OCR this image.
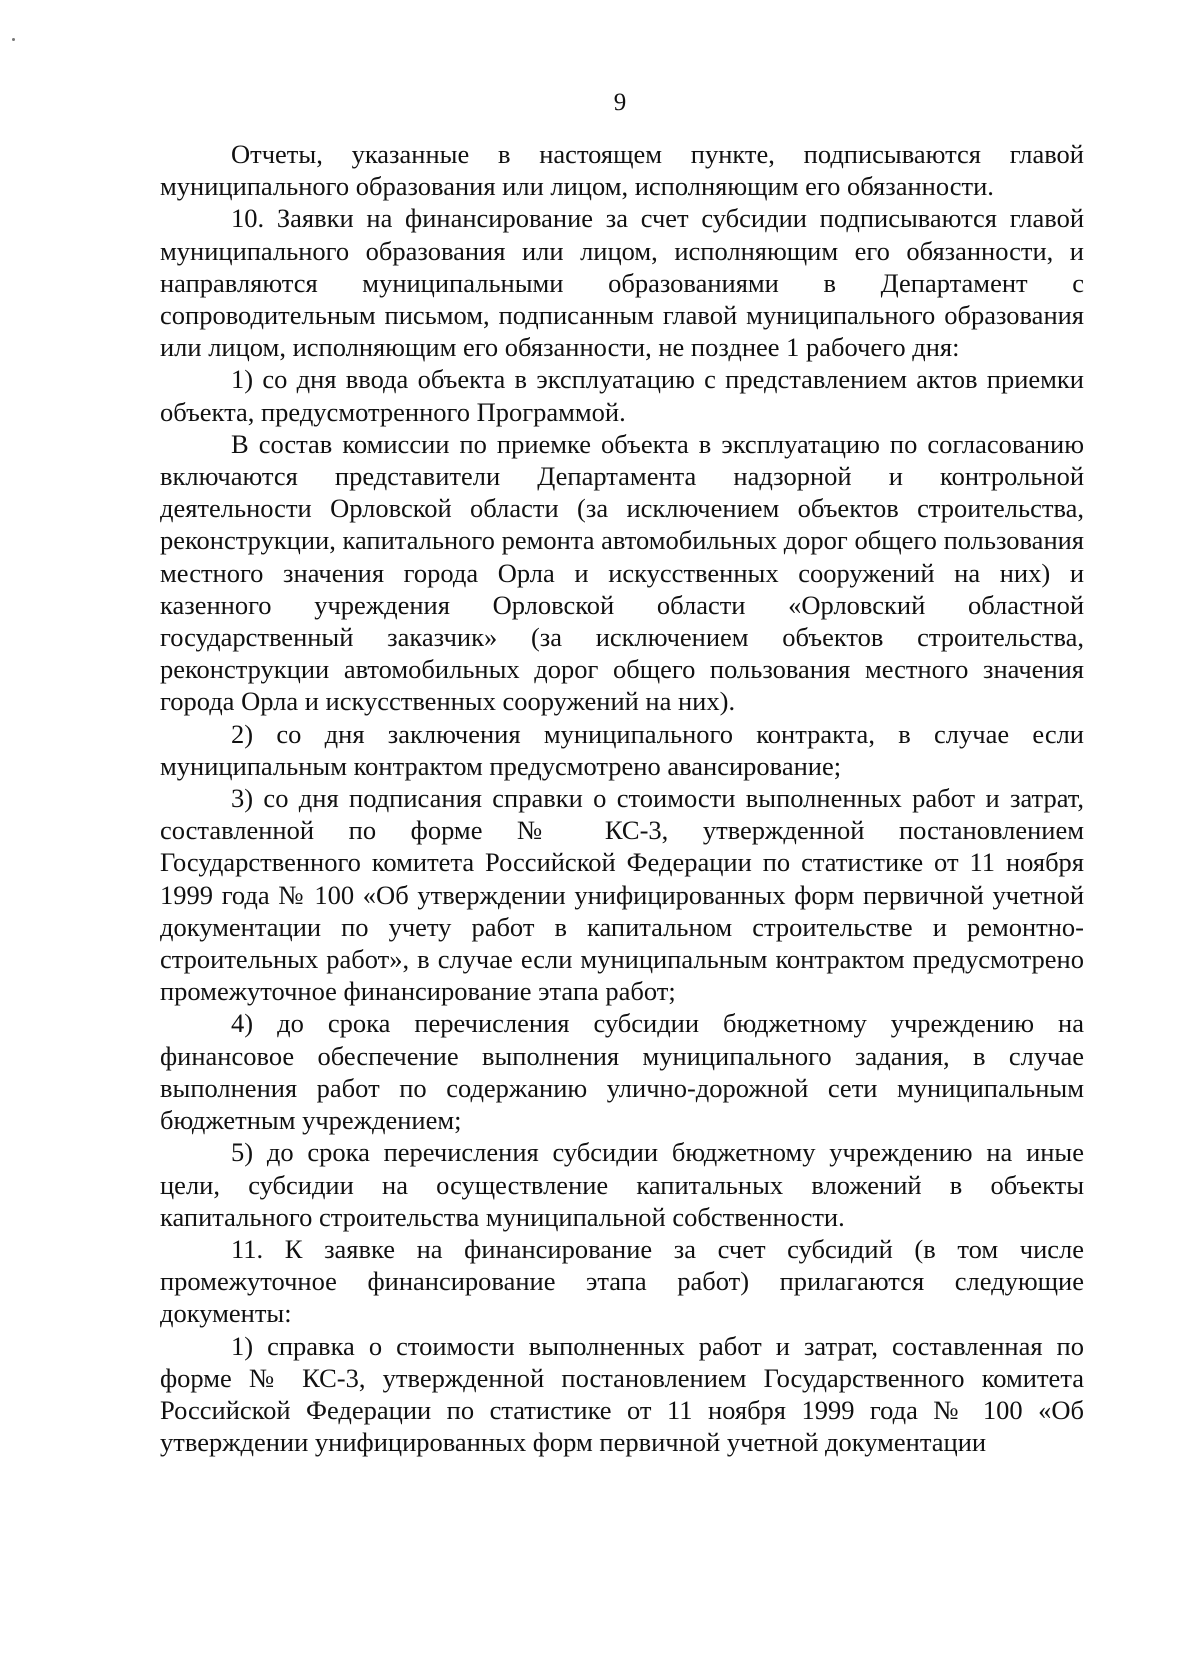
9

Отчеты, указанные в настоящем пункте, подписываются главой муниципального образования или лицом, исполняющим его обязанности.

10. Заявки на финансирование за счет субсидии подписываются главой муниципального образования или лицом, исполняющим его обязанности, и направляются муниципальными образованиями в Департамент с сопроводительным письмом, подписанным главой муниципального образования или лицом, исполняющим его обязанности, не позднее 1 рабочего дня:

1) со дня ввода объекта в эксплуатацию с представлением актов приемки объекта, предусмотренного Программой.

В состав комиссии по приемке объекта в эксплуатацию по согласованию включаются представители Департамента надзорной и контрольной деятельности Орловской области (за исключением объектов строительства, реконструкции, капитального ремонта автомобильных дорог общего пользования местного значения города Орла и искусственных сооружений на них) и казенного учреждения Орловской области «Орловский областной государственный заказчик» (за исключением объектов строительства, реконструкции автомобильных дорог общего пользования местного значения города Орла и искусственных сооружений на них).

2) со дня заключения муниципального контракта, в случае если муниципальным контрактом предусмотрено авансирование;

3) со дня подписания справки о стоимости выполненных работ и затрат, составленной по форме № КС-3, утвержденной постановлением Государственного комитета Российской Федерации по статистике от 11 ноября 1999 года № 100 «Об утверждении унифицированных форм первичной учетной документации по учету работ в капитальном строительстве и ремонтно-строительных работ», в случае если муниципальным контрактом предусмотрено промежуточное финансирование этапа работ;

4) до срока перечисления субсидии бюджетному учреждению на финансовое обеспечение выполнения муниципального задания, в случае выполнения работ по содержанию улично-дорожной сети муниципальным бюджетным учреждением;

5) до срока перечисления субсидии бюджетному учреждению на иные цели, субсидии на осуществление капитальных вложений в объекты капитального строительства муниципальной собственности.

11. К заявке на финансирование за счет субсидий (в том числе промежуточное финансирование этапа работ) прилагаются следующие документы:

1) справка о стоимости выполненных работ и затрат, составленная по форме № КС-3, утвержденной постановлением Государственного комитета Российской Федерации по статистике от 11 ноября 1999 года № 100 «Об утверждении унифицированных форм первичной учетной документации
